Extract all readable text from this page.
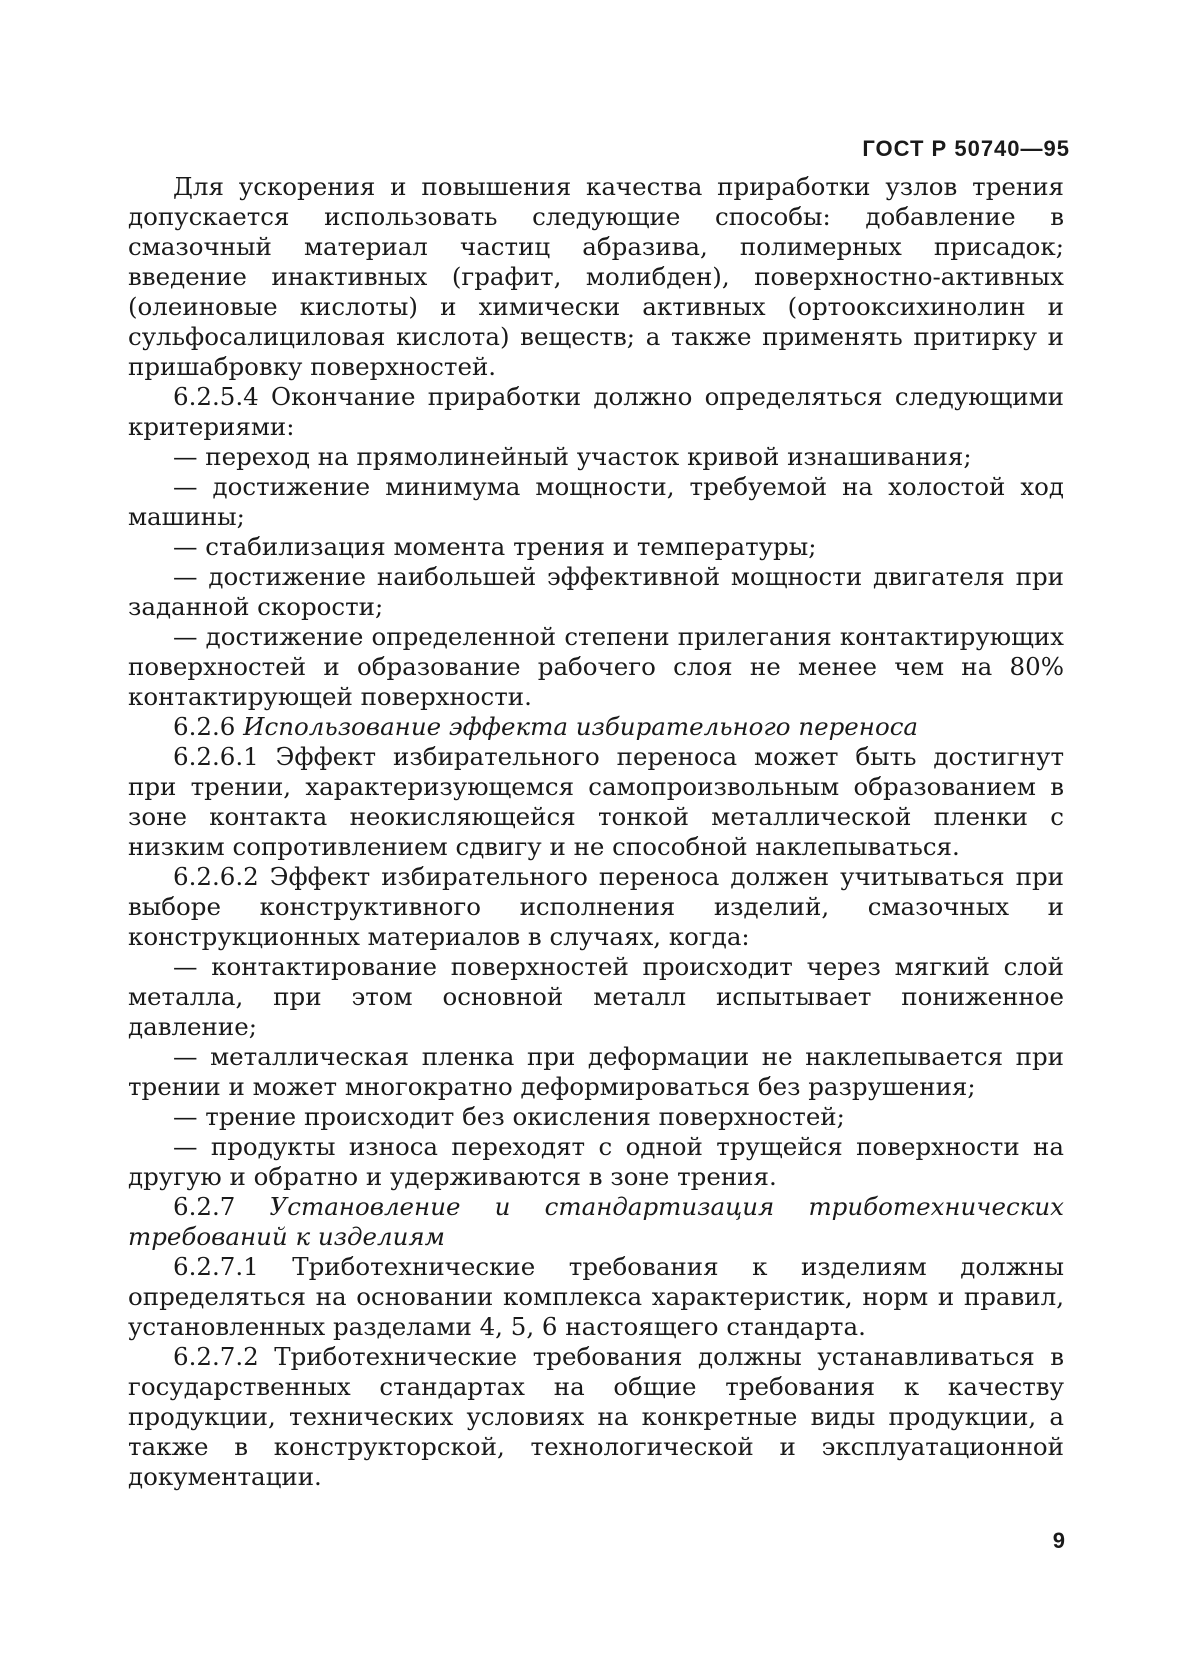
ГОСТ Р 50740—95

Для ускорения и повышения качества приработки узлов трения допускается использовать следующие способы: добавление в смазочный материал частиц абразива, полимерных присадок; введение инактивных (графит, молибден), поверхностно-активных (олеиновые кислоты) и химически активных (ортооксихинолин и сульфосалициловая кислота) веществ; а также применять притирку и пришабровку поверхностей.

6.2.5.4 Окончание приработки должно определяться следующими критериями:

— переход на прямолинейный участок кривой изнашивания;

— достижение минимума мощности, требуемой на холостой ход машины;

— стабилизация момента трения и температуры;

— достижение наибольшей эффективной мощности двигателя при заданной скорости;

— достижение определенной степени прилегания контактирующих поверхностей и образование рабочего слоя не менее чем на 80% контактирующей поверхности.

6.2.6 Использование эффекта избирательного переноса

6.2.6.1 Эффект избирательного переноса может быть достигнут при трении, характеризующемся самопроизвольным образованием в зоне контакта неокисляющейся тонкой металлической пленки с низким сопротивлением сдвигу и не способной наклепываться.

6.2.6.2 Эффект избирательного переноса должен учитываться при выборе конструктивного исполнения изделий, смазочных и конструкционных материалов в случаях, когда:

— контактирование поверхностей происходит через мягкий слой металла, при этом основной металл испытывает пониженное давление;

— металлическая пленка при деформации не наклепывается при трении и может многократно деформироваться без разрушения;

— трение происходит без окисления поверхностей;

— продукты износа переходят с одной трущейся поверхности на другую и обратно и удерживаются в зоне трения.

6.2.7 Установление и стандартизация триботехнических требований к изделиям

6.2.7.1 Триботехнические требования к изделиям должны определяться на основании комплекса характеристик, норм и правил, установленных разделами 4, 5, 6 настоящего стандарта.

6.2.7.2 Триботехнические требования должны устанавливаться в государственных стандартах на общие требования к качеству продукции, технических условиях на конкретные виды продукции, а также в конструкторской, технологической и эксплуатационной документации.

9
